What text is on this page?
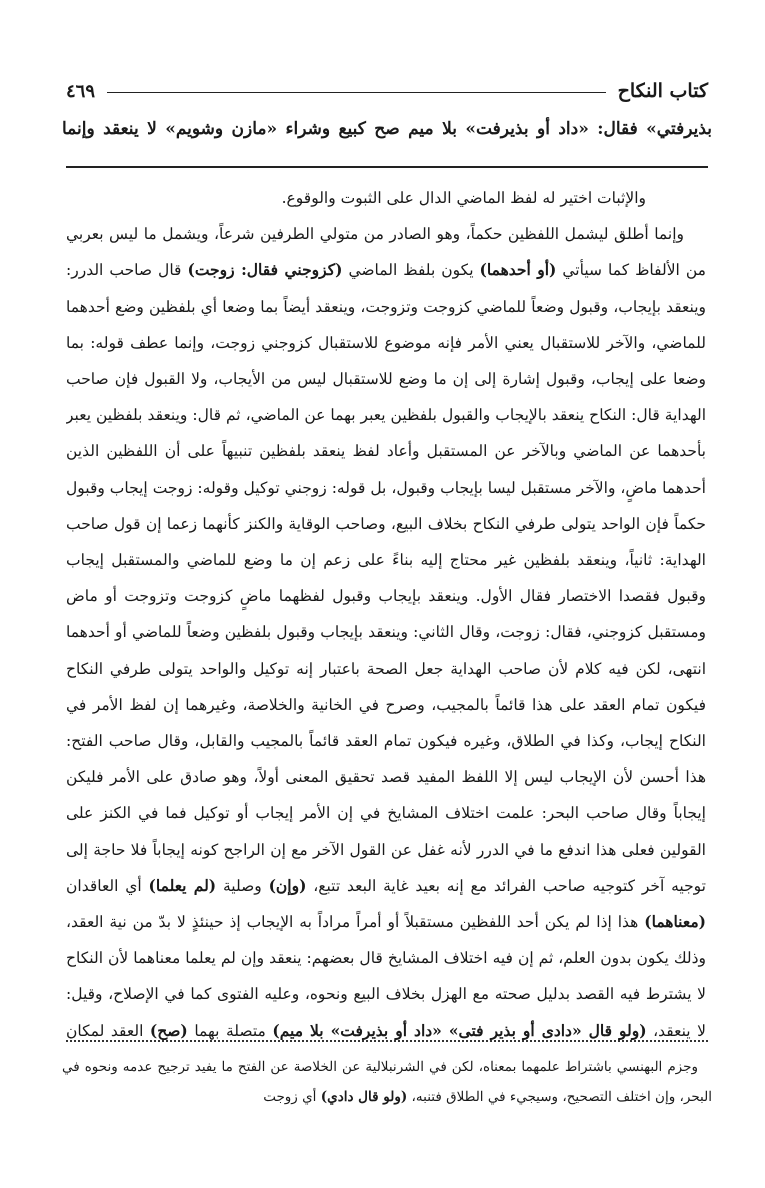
كتاب النكاح
٤٦٩
بذيرفتي» فقال: «داد أو بذيرفت» بلا ميم صح كبيع وشراء «مازن وشويم» لا ينعقد وإنما

والإثبات اختير له لفظ الماضي الدال على الثبوت والوقوع.

وإنما أطلق ليشمل اللفظين حكماً، وهو الصادر من متولي الطرفين شرعاً، ويشمل ما ليس بعربي من الألفاظ كما سيأتي (أو أحدهما) يكون بلفظ الماضي (كزوجني فقال: زوجت) قال صاحب الدرر: وينعقد بإيجاب، وقبول وضعاً للماضي كزوجت وتزوجت، وينعقد أيضاً بما وضعا أي بلفظين وضع أحدهما للماضي، والآخر للاستقبال يعني الأمر فإنه موضوع للاستقبال كزوجني زوجت، وإنما عطف قوله: بما وضعا على إيجاب، وقبول إشارة إلى إن ما وضع للاستقبال ليس من الأيجاب، ولا القبول فإن صاحب الهداية قال: النكاح ينعقد بالإيجاب والقبول بلفظين يعبر بهما عن الماضي، ثم قال: وينعقد بلفظين يعبر بأحدهما عن الماضي وبالآخر عن المستقبل وأعاد لفظ ينعقد بلفظين تنبيهاً على أن اللفظين الذين أحدهما ماضٍ، والآخر مستقبل ليسا بإيجاب وقبول، بل قوله: زوجني توكيل وقوله: زوجت إيجاب وقبول حكماً فإن الواحد يتولى طرفي النكاح بخلاف البيع، وصاحب الوقاية والكنز كأنهما زعما إن قول صاحب الهداية: ثانياً، وينعقد بلفظين غير محتاج إليه بناءً على زعم إن ما وضع للماضي والمستقبل إيجاب وقبول فقصدا الاختصار فقال الأول. وينعقد بإيجاب وقبول لفظهما ماضٍ كزوجت وتزوجت أو ماض ومستقبل كزوجني، فقال: زوجت، وقال الثاني: وينعقد بإيجاب وقبول بلفظين وضعاً للماضي أو أحدهما انتهى، لكن فيه كلام لأن صاحب الهداية جعل الصحة باعتبار إنه توكيل والواحد يتولى طرفي النكاح فيكون تمام العقد على هذا قائماً بالمجيب، وصرح في الخانية والخلاصة، وغيرهما إن لفظ الأمر في النكاح إيجاب، وكذا في الطلاق، وغيره فيكون تمام العقد قائماً بالمجيب والقابل، وقال صاحب الفتح: هذا أحسن لأن الإيجاب ليس إلا اللفظ المفيد قصد تحقيق المعنى أولاً، وهو صادق على الأمر فليكن إيجاباً وقال صاحب البحر: علمت اختلاف المشايخ في إن الأمر إيجاب أو توكيل فما في الكنز على القولين فعلى هذا اندفع ما في الدرر لأنه غفل عن القول الآخر مع إن الراجح كونه إيجاباً فلا حاجة إلى توجيه آخر كتوجيه صاحب الفرائد مع إنه بعيد غاية البعد تتبع، (وإن) وصلية (لم يعلما) أي العاقدان (معناهما) هذا إذا لم يكن أحد اللفظين مستقبلاً أو أمراً مراداً به الإيجاب إذ حينئذٍ لا بدّ من نية العقد، وذلك يكون بدون العلم، ثم إن فيه اختلاف المشايخ قال بعضهم: ينعقد وإن لم يعلما معناهما لأن النكاح لا يشترط فيه القصد بدليل صحته مع الهزل بخلاف البيع ونحوه، وعليه الفتوى كما في الإصلاح، وقيل: لا ينعقد، (ولو قال «دادى أو بذير فتى» «داد أو بذيرفت» بلا ميم) متصلة بهما (صح) العقد لمكان

وجزم البهنسي باشتراط علمهما بمعناه، لكن في الشرنبلالية عن الخلاصة عن الفتح ما يفيد ترجيح عدمه ونحوه في البحر، وإن اختلف التصحيح، وسيجيء في الطلاق فتنبه، (ولو قال دادي) أي زوجت
